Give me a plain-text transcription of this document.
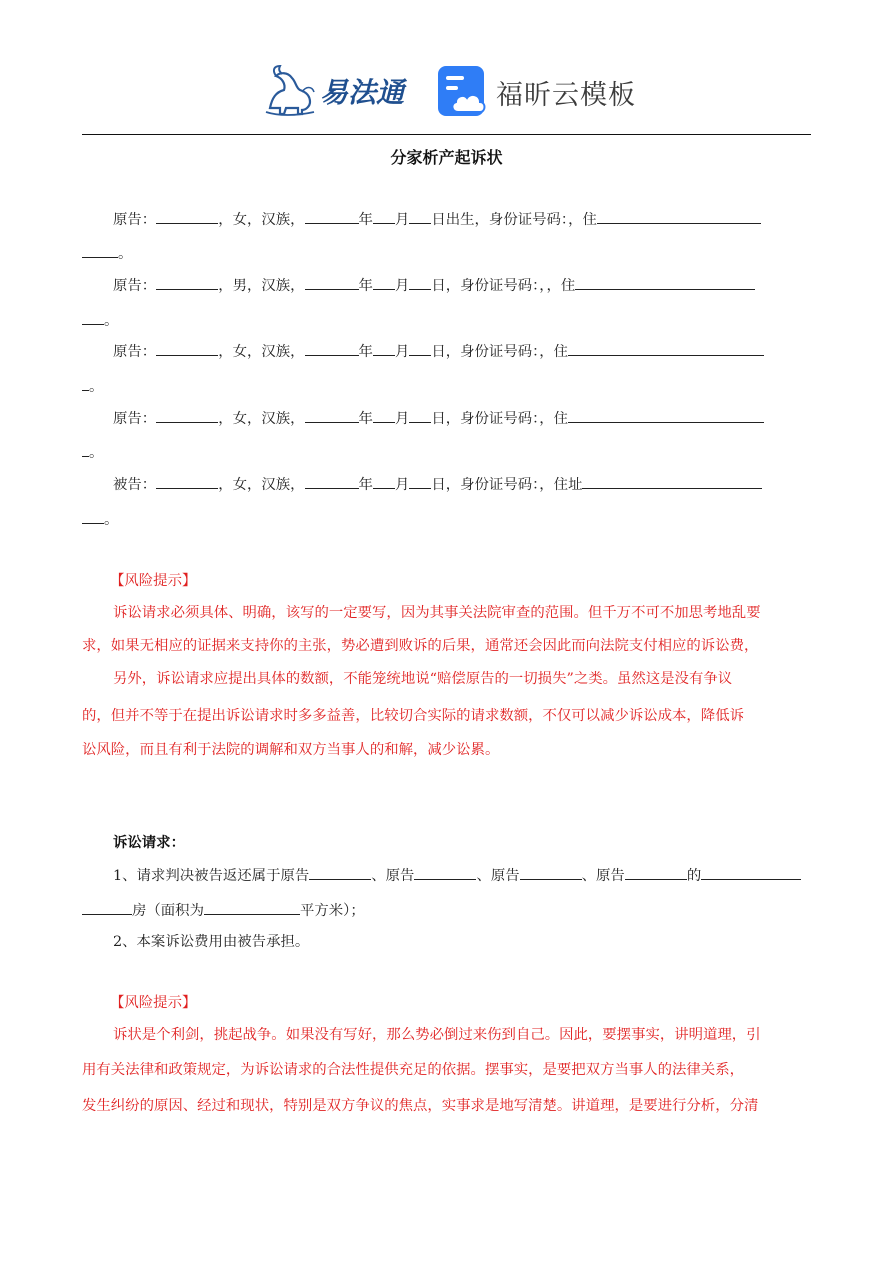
易法通	福昕云模板
分家析产起诉状
原告：	，女，汉族，	年 月 日出生，身份证号码：，住
。
原告：	，男，汉族，	年 月 日，身份证号码：，，住
。
原告：	，女，汉族，	年 月 日，身份证号码：，住
。
原告：	，女，汉族，	年 月 日，身份证号码：，住
。
被告：	，女，汉族，	年 月 日，身份证号码：，住址
。
【风险提示】
诉讼请求必须具体、明确，该写的一定要写，因为其事关法院审查的范围。但千万不可不加思考地乱要
求，如果无相应的证据来支持你的主张，势必遭到败诉的后果，通常还会因此而向法院支付相应的诉讼费，
另外，诉讼请求应提出具体的数额，不能笼统地说“赔偿原告的一切损失”之类。虽然这是没有争议
的，但并不等于在提出诉讼请求时多多益善，比较切合实际的请求数额，不仅可以减少诉讼成本，降低诉
讼风险，而且有利于法院的调解和双方当事人的和解，减少讼累。
诉讼请求：
1、请求判决被告返还属于原告	、原告	、原告	、原告	的
房（面积为	平方米）；
2、本案诉讼费用由被告承担。
【风险提示】
诉状是个利剑，挑起战争。如果没有写好，那么势必倒过来伤到自己。因此，要摆事实，讲明道理，引
用有关法律和政策规定，为诉讼请求的合法性提供充足的依据。摆事实，是要把双方当事人的法律关系，
发生纠纷的原因、经过和现状，特别是双方争议的焦点，实事求是地写清楚。讲道理，是要进行分析，分清
